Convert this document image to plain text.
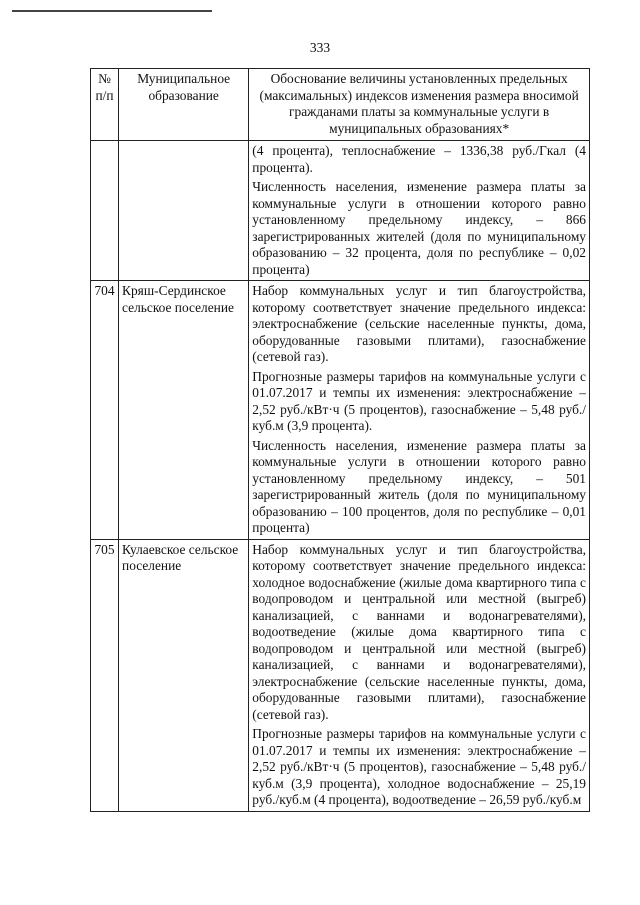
333
№ п/п	Муниципальное образование	Обоснование величины установленных предельных (максимальных) индексов изменения размера вносимой гражданами платы за коммунальные услуги в муниципальных образованиях*

		(4 процента), теплоснабжение – 1336,38 руб./Гкал (4 процента).

Численность населения, изменение размера платы за коммунальные услуги в отношении которого равно установленному предельному индексу, – 866 зарегистрированных жителей (доля по муниципальному образованию – 32 процента, доля по республике – 0,02 процента)

704	Кряш-Сердинское сельское поселение	Набор коммунальных услуг и тип благоустройства, которому соответствует значение предельного индекса: электроснабжение (сельские населенные пункты, дома, оборудованные газовыми плитами), газоснабжение (сетевой газ).

Прогнозные размеры тарифов на коммунальные услуги с 01.07.2017 и темпы их изменения: электроснабжение – 2,52 руб./кВт·ч (5 процентов), газоснабжение – 5,48 руб./куб.м (3,9 процента).

Численность населения, изменение размера платы за коммунальные услуги в отношении которого равно установленному предельному индексу, – 501 зарегистрированный житель (доля по муниципальному образованию – 100 процентов, доля по республике – 0,01 процента)

705	Кулаевское сельское поселение	Набор коммунальных услуг и тип благоустройства, которому соответствует значение предельного индекса: холодное водоснабжение (жилые дома квартирного типа с водопроводом и центральной или местной (выгреб) канализацией, с ваннами и водонагревателями), водоотведение (жилые дома квартирного типа с водопроводом и центральной или местной (выгреб) канализацией, с ваннами и водонагревателями), электроснабжение (сельские населенные пункты, дома, оборудованные газовыми плитами), газоснабжение (сетевой газ).

Прогнозные размеры тарифов на коммунальные услуги с 01.07.2017 и темпы их изменения: электроснабжение – 2,52 руб./кВт·ч (5 процентов), газоснабжение – 5,48 руб./куб.м (3,9 процента), холодное водоснабжение – 25,19 руб./куб.м (4 процента), водоотведение – 26,59 руб./куб.м
